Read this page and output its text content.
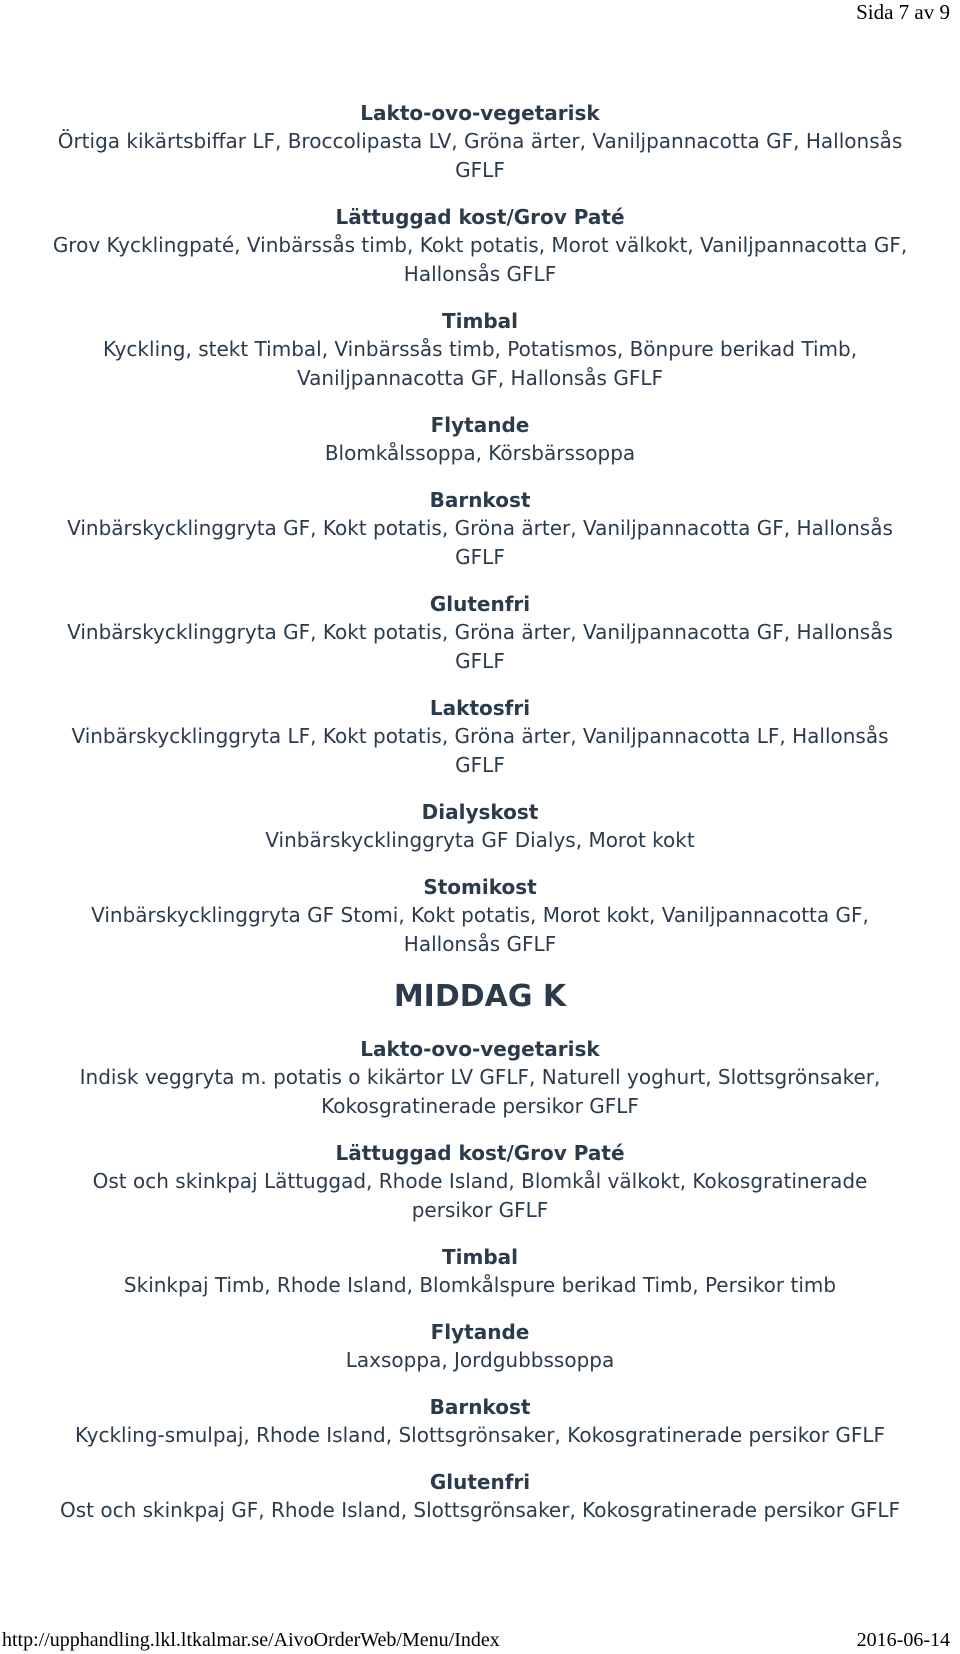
Sida 7 av 9
Lakto-ovo-vegetarisk
Örtiga kikärtsbiffar LF, Broccolipasta LV, Gröna ärter, Vaniljpannacotta GF, Hallonsås GFLF
Lättuggad kost/Grov Paté
Grov Kycklingpaté, Vinbärssås timb, Kokt potatis, Morot välkokt, Vaniljpannacotta GF, Hallonsås GFLF
Timbal
Kyckling, stekt Timbal, Vinbärssås timb, Potatismos, Bönpure berikad Timb, Vaniljpannacotta GF, Hallonsås GFLF
Flytande
Blomkålssoppa, Körsbärssoppa
Barnkost
Vinbärskycklinggryta GF, Kokt potatis, Gröna ärter, Vaniljpannacotta GF, Hallonsås GFLF
Glutenfri
Vinbärskycklinggryta GF, Kokt potatis, Gröna ärter, Vaniljpannacotta GF, Hallonsås GFLF
Laktosfri
Vinbärskycklinggryta LF, Kokt potatis, Gröna ärter, Vaniljpannacotta LF, Hallonsås GFLF
Dialyskost
Vinbärskycklinggryta GF Dialys, Morot kokt
Stomikost
Vinbärskycklinggryta GF Stomi, Kokt potatis, Morot kokt, Vaniljpannacotta GF, Hallonsås GFLF
MIDDAG K
Lakto-ovo-vegetarisk
Indisk veggryta m. potatis o kikärtor LV GFLF, Naturell yoghurt, Slottsgrönsaker, Kokosgratinerade persikor GFLF
Lättuggad kost/Grov Paté
Ost och skinkpaj Lättuggad, Rhode Island, Blomkål välkokt, Kokosgratinerade persikor GFLF
Timbal
Skinkpaj Timb, Rhode Island, Blomkålspure berikad Timb, Persikor timb
Flytande
Laxsoppa, Jordgubbssoppa
Barnkost
Kyckling-smulpaj, Rhode Island, Slottsgrönsaker, Kokosgratinerade persikor GFLF
Glutenfri
Ost och skinkpaj GF, Rhode Island, Slottsgrönsaker, Kokosgratinerade persikor GFLF
http://upphandling.lkl.ltkalmar.se/AivoOrderWeb/Menu/Index	2016-06-14
